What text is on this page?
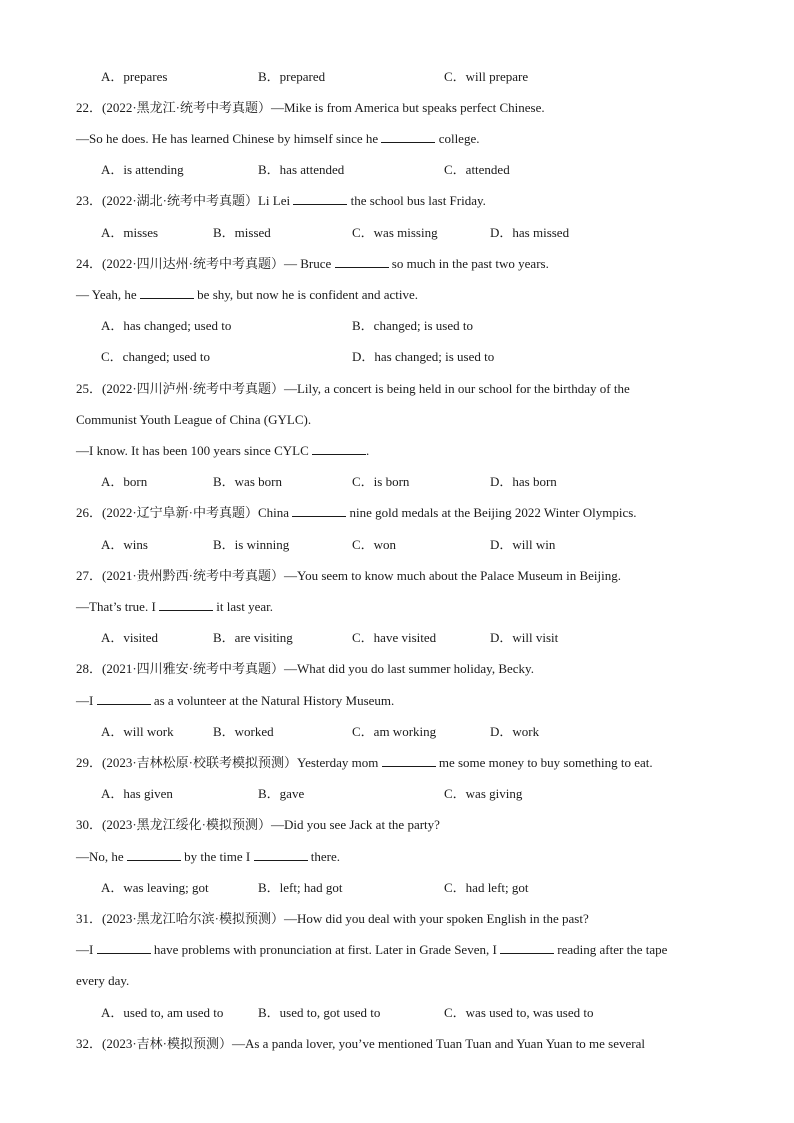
A．prepares	B．prepared	C．will prepare
22．(2022·黑龙江·统考中考真题）—Mike is from America but speaks perfect Chinese.
—So he does. He has learned Chinese by himself since he	college.
A．is attending	B．has attended	C．attended
23．(2022·湖北·统考中考真题）Li Lei	the school bus last Friday.
A．misses	B．missed	C．was missing	D．has missed
24．(2022·四川达州·统考中考真题）— Bruce	so much in the past two years.
— Yeah, he	be shy, but now he is confident and active.
A．has changed; used to	B．changed; is used to
C．changed; used to	D．has changed; is used to
25．(2022·四川泸州·统考中考真题）—Lily, a concert is being held in our school for the birthday of the
Communist Youth League of China (GYLC).
—I know. It has been 100 years since CYLC	.
A．born	B．was born	C．is born	D．has born
26．(2022·辽宁阜新·中考真题）China	nine gold medals at the Beijing 2022 Winter Olympics.
A．wins	B．is winning	C．won	D．will win
27．(2021·贵州黔西·统考中考真题）—You seem to know much about the Palace Museum in Beijing.
—That’s true. I	it last year.
A．visited	B．are visiting	C．have visited	D．will visit
28．(2021·四川雅安·统考中考真题）—What did you do last summer holiday, Becky.
—I	as a volunteer at the Natural History Museum.
A．will work	B．worked	C．am working	D．work
29．(2023·吉林松原·校联考模拟预测）Yesterday mom	me some money to buy something to eat.
A．has given	B．gave	C．was giving
30．(2023·黑龙江绥化·模拟预测）—Did you see Jack at the party?
—No, he	by the time I	there.
A．was leaving; got	B．left; had got	C．had left; got
31．(2023·黑龙江哈尔滨·模拟预测）—How did you deal with your spoken English in the past?
—I	have problems with pronunciation at first. Later in Grade Seven, I	reading after the tape
every day.
A．used to, am used to	B．used to, got used to	C．was used to, was used to
32．(2023·吉林·模拟预测）—As a panda lover, you’ve mentioned Tuan Tuan and Yuan Yuan to me several
